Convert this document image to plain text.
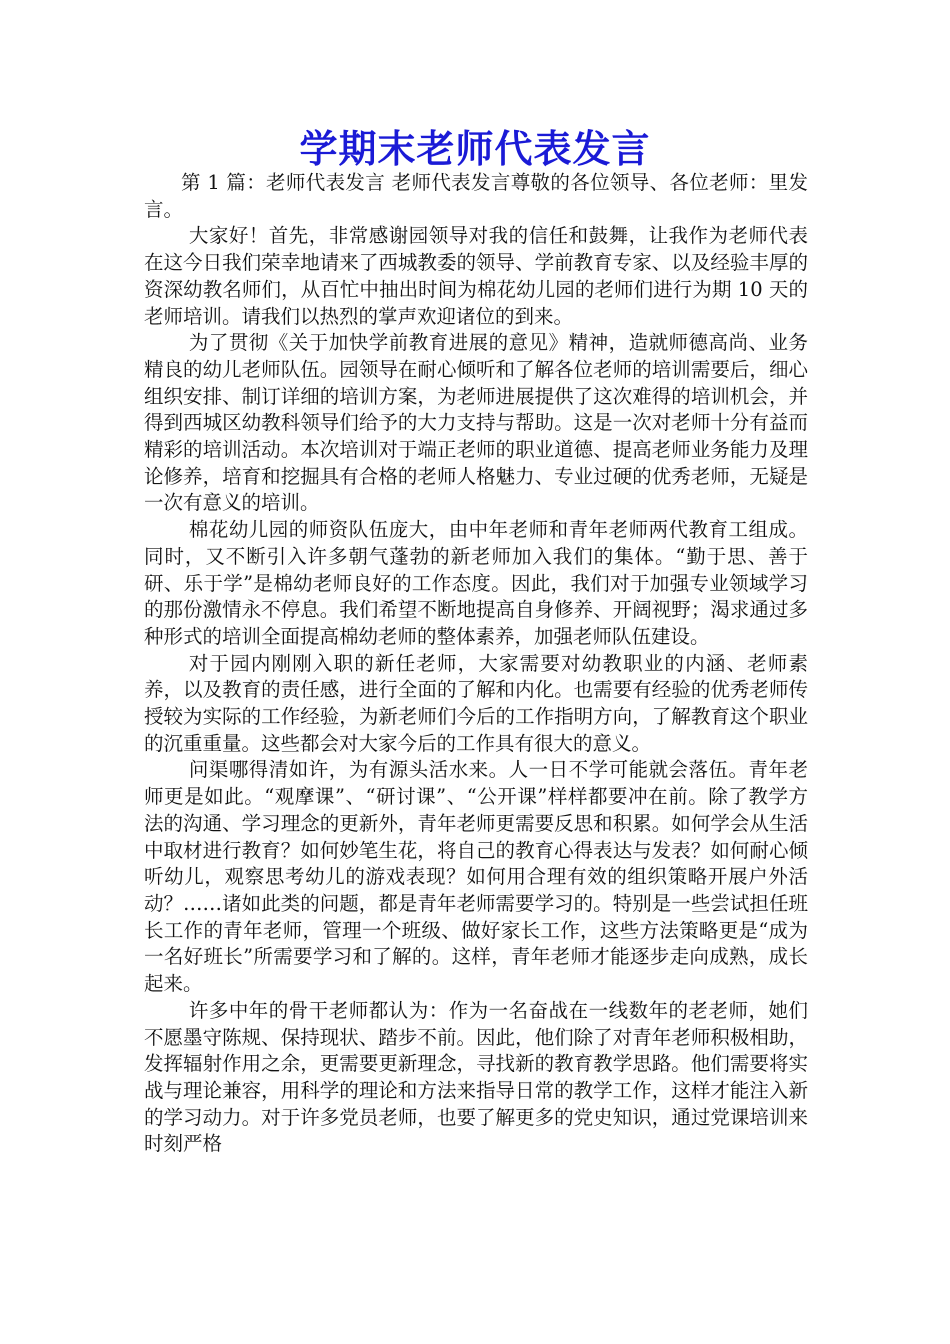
学期末老师代表发言

第 1 篇：老师代表发言 老师代表发言尊敬的各位领导、各位老师：里发言。

大家好！首先，非常感谢园领导对我的信任和鼓舞，让我作为老师代表在这今日我们荣幸地请来了西城教委的领导、学前教育专家、以及经验丰厚的资深幼教名师们，从百忙中抽出时间为棉花幼儿园的老师们进行为期 10 天的老师培训。请我们以热烈的掌声欢迎诸位的到来。

为了贯彻《关于加快学前教育进展的意见》精神，造就师德高尚、业务精良的幼儿老师队伍。园领导在耐心倾听和了解各位老师的培训需要后，细心组织安排、制订详细的培训方案，为老师进展提供了这次难得的培训机会，并得到西城区幼教科领导们给予的大力支持与帮助。这是一次对老师十分有益而精彩的培训活动。本次培训对于端正老师的职业道德、提高老师业务能力及理论修养，培育和挖掘具有合格的老师人格魅力、专业过硬的优秀老师，无疑是一次有意义的培训。

棉花幼儿园的师资队伍庞大，由中年老师和青年老师两代教育工组成。同时，又不断引入许多朝气蓬勃的新老师加入我们的集体。“勤于思、善于研、乐于学”是棉幼老师良好的工作态度。因此，我们对于加强专业领域学习的那份激情永不停息。我们希望不断地提高自身修养、开阔视野；渴求通过多种形式的培训全面提高棉幼老师的整体素养，加强老师队伍建设。

对于园内刚刚入职的新任老师，大家需要对幼教职业的内涵、老师素养，以及教育的责任感，进行全面的了解和内化。也需要有经验的优秀老师传授较为实际的工作经验，为新老师们今后的工作指明方向，了解教育这个职业的沉重重量。这些都会对大家今后的工作具有很大的意义。

问渠哪得清如许，为有源头活水来。人一日不学可能就会落伍。青年老师更是如此。“观摩课”、“研讨课”、“公开课”样样都要冲在前。除了教学方法的沟通、学习理念的更新外，青年老师更需要反思和积累。如何学会从生活中取材进行教育？如何妙笔生花，将自己的教育心得表达与发表？如何耐心倾听幼儿，观察思考幼儿的游戏表现？如何用合理有效的组织策略开展户外活动？……诸如此类的问题，都是青年老师需要学习的。特别是一些尝试担任班长工作的青年老师，管理一个班级、做好家长工作，这些方法策略更是“成为一名好班长”所需要学习和了解的。这样，青年老师才能逐步走向成熟，成长起来。

许多中年的骨干老师都认为：作为一名奋战在一线数年的老老师，她们不愿墨守陈规、保持现状、踏步不前。因此，他们除了对青年老师积极相助，发挥辐射作用之余，更需要更新理念，寻找新的教育教学思路。他们需要将实战与理论兼容，用科学的理论和方法来指导日常的教学工作，这样才能注入新的学习动力。对于许多党员老师，也要了解更多的党史知识，通过党课培训来时刻严格
